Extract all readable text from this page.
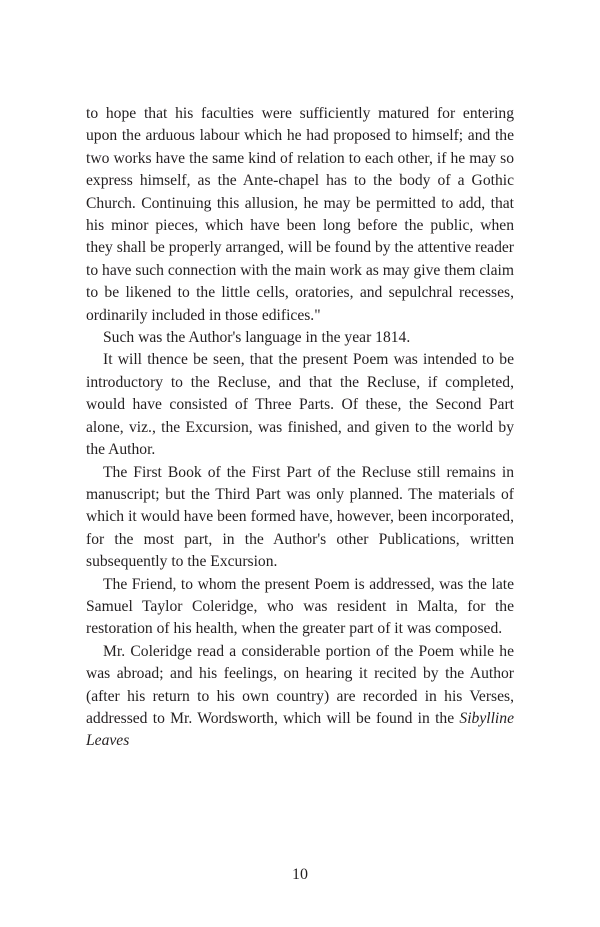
to hope that his faculties were sufficiently matured for entering upon the arduous labour which he had proposed to himself; and the two works have the same kind of relation to each other, if he may so express himself, as the Ante-chapel has to the body of a Gothic Church. Continuing this allusion, he may be permitted to add, that his minor pieces, which have been long before the public, when they shall be properly arranged, will be found by the attentive reader to have such connection with the main work as may give them claim to be likened to the little cells, oratories, and sepulchral recesses, ordinarily included in those edifices."

Such was the Author's language in the year 1814.

It will thence be seen, that the present Poem was intended to be introductory to the Recluse, and that the Recluse, if completed, would have consisted of Three Parts. Of these, the Second Part alone, viz., the Excursion, was finished, and given to the world by the Author.

The First Book of the First Part of the Recluse still remains in manuscript; but the Third Part was only planned. The materials of which it would have been formed have, however, been incorporated, for the most part, in the Author's other Publications, written subsequently to the Excursion.

The Friend, to whom the present Poem is addressed, was the late Samuel Taylor Coleridge, who was resident in Malta, for the restoration of his health, when the greater part of it was composed.

Mr. Coleridge read a considerable portion of the Poem while he was abroad; and his feelings, on hearing it recited by the Author (after his return to his own country) are recorded in his Verses, addressed to Mr. Wordsworth, which will be found in the Sibylline Leaves

10
